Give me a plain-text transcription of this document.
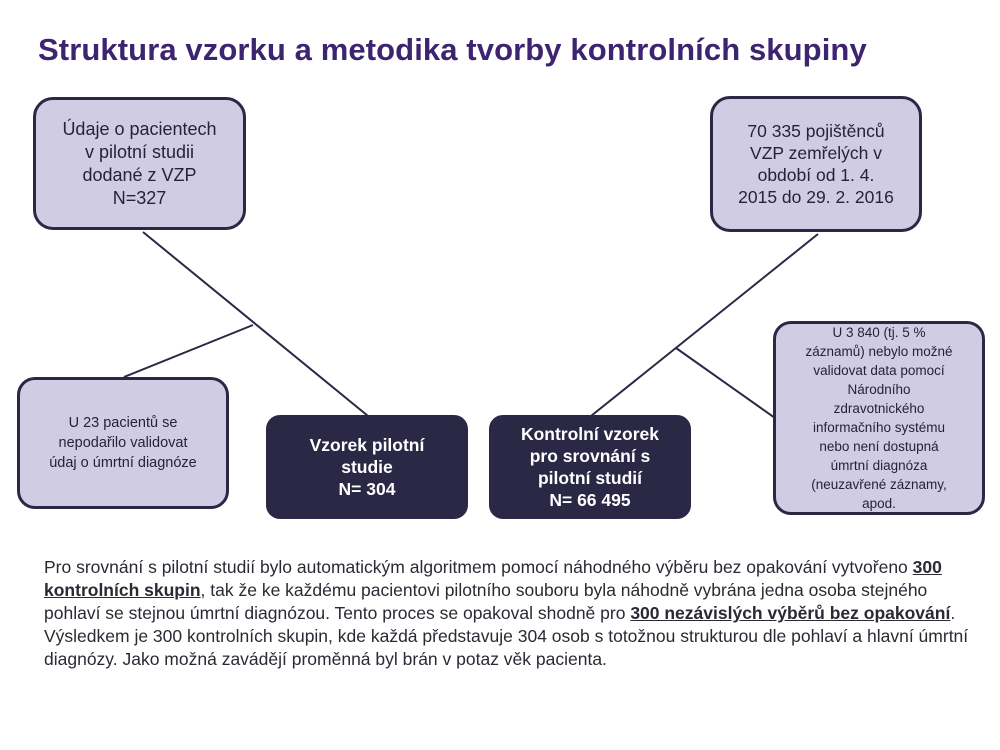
Struktura vzorku a metodika tvorby kontrolních skupiny
Údaje o pacientech
v pilotní studii
dodané z VZP
N=327
70 335 pojištěnců
VZP zemřelých v
období od 1. 4.
2015 do 29. 2. 2016
U 23 pacientů se
nepodařilo validovat
údaj o úmrtní diagnóze
U 3 840 (tj. 5 %
záznamů) nebylo možné
validovat data pomocí
Národního
zdravotnického
informačního systému
nebo není dostupná
úmrtní diagnóza
(neuzavřené záznamy,
apod.
Vzorek pilotní
studie
N= 304
Kontrolní vzorek
pro srovnání s
pilotní studií
N= 66 495

Pro srovnání s pilotní studií bylo automatickým algoritmem pomocí náhodného výběru bez opakování vytvořeno 300 kontrolních skupin, tak že ke každému pacientovi pilotního souboru byla náhodně vybrána jedna osoba stejného pohlaví se stejnou úmrtní diagnózou. Tento proces se opakoval shodně pro 300 nezávislých výběrů bez opakování. Výsledkem je 300 kontrolních skupin, kde každá představuje 304 osob s totožnou strukturou dle pohlaví a hlavní úmrtní diagnózy. Jako možná zavádějí proměnná byl brán v potaz věk pacienta.
